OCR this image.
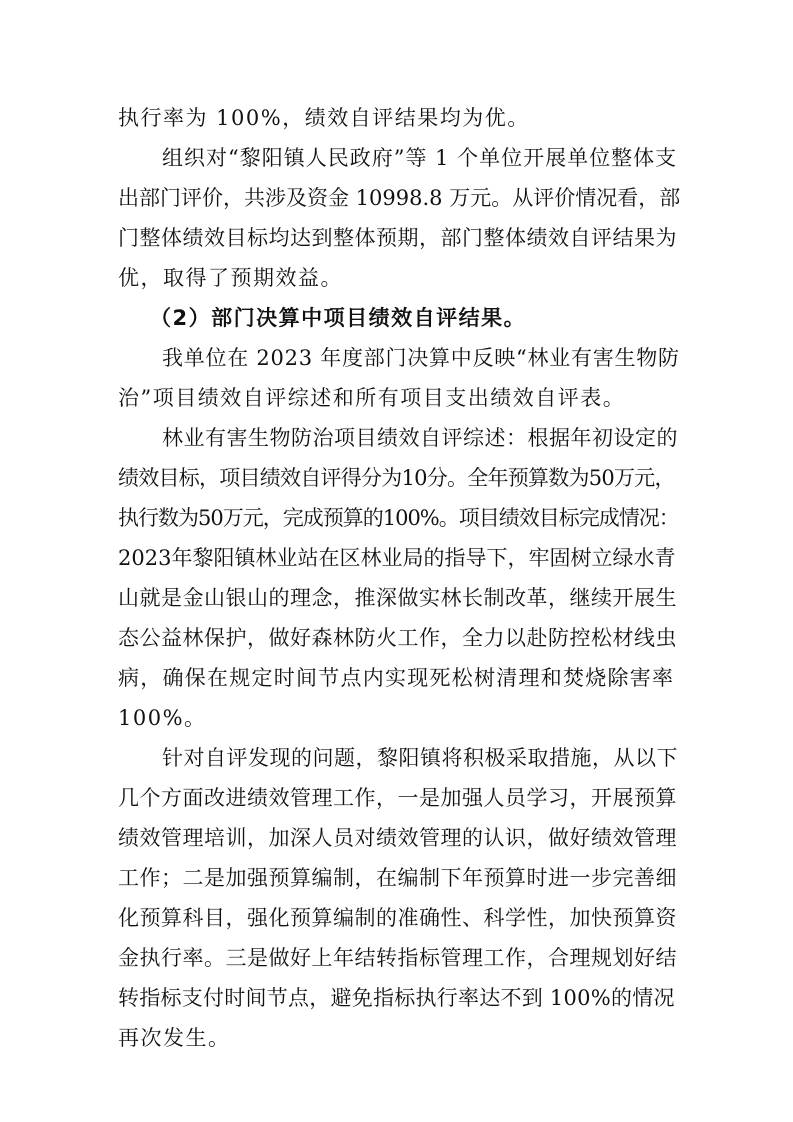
执行率为 100%，绩效自评结果均为优。
组织对“黎阳镇人民政府”等 1 个单位开展单位整体支
出部门评价，共涉及资金 10998.8 万元。从评价情况看，部
门整体绩效目标均达到整体预期，部门整体绩效自评结果为
优，取得了预期效益。
（2）部门决算中项目绩效自评结果。
我单位在 2023 年度部门决算中反映“林业有害生物防
治”项目绩效自评综述和所有项目支出绩效自评表。
林业有害生物防治项目绩效自评综述：根据年初设定的
绩效目标，项目绩效自评得分为10分。全年预算数为50万元，
执行数为50万元，完成预算的100%。项目绩效目标完成情况：
2023年黎阳镇林业站在区林业局的指导下，牢固树立绿水青
山就是金山银山的理念，推深做实林长制改革，继续开展生
态公益林保护，做好森林防火工作，全力以赴防控松材线虫
病，确保在规定时间节点内实现死松树清理和焚烧除害率
100%。
针对自评发现的问题，黎阳镇将积极采取措施，从以下
几个方面改进绩效管理工作，一是加强人员学习，开展预算
绩效管理培训，加深人员对绩效管理的认识，做好绩效管理
工作；二是加强预算编制，在编制下年预算时进一步完善细
化预算科目，强化预算编制的准确性、科学性，加快预算资
金执行率。三是做好上年结转指标管理工作，合理规划好结
转指标支付时间节点，避免指标执行率达不到 100%的情况
再次发生。
